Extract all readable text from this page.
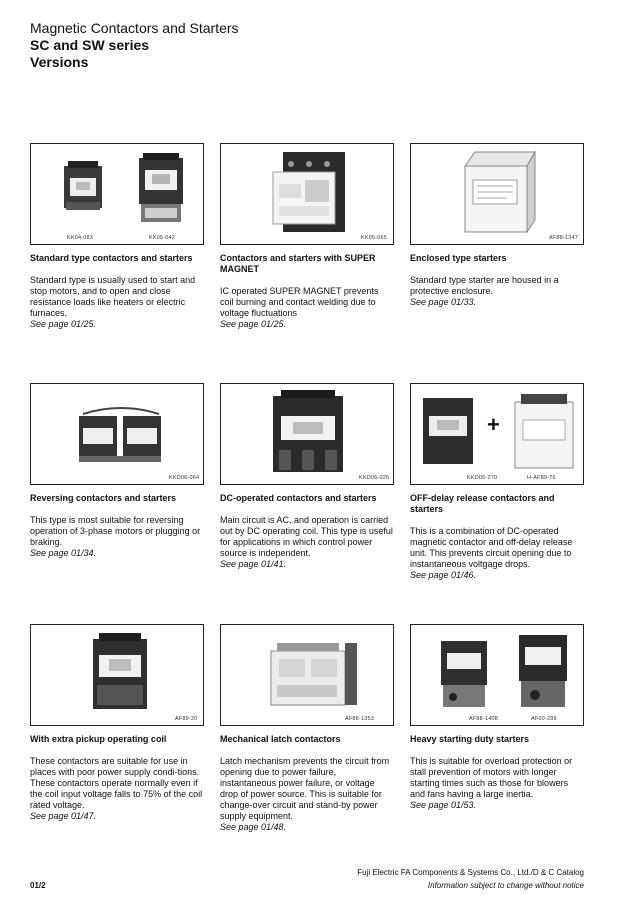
Magnetic Contactors and Starters
SC and SW series
Versions
KK04-083	KK05-042
Standard type contactors and starters
Standard type is usually used to start and stop motors, and to open and close resistance loads like heaters or electric furnaces.
See page 01/25.
KK05-065
Contactors and starters with SUPER MAGNET
IC operated SUPER MAGNET prevents coil burning and contact welding due to voltage fluctuations
See page 01/25.
AF88-1347
Enclosed type starters
Standard type starter are housed in a protective enclosure.
See page 01/33.
KKD06-064
Reversing contactors and starters
This type is most suitable for reversing operation of 3-phase motors or plugging or braking.
See page 01/34.
KKD06-026
DC-operated contactors and starters
Main circuit is AC, and operation is carried out by DC operating coil. This type is useful for applications in which control power source is independent.
See page 01/41.
+
KKD05-270	H-AF89-76
OFF-delay release contactors and starters
This is a combination of DC-operated magnetic contactor and off-delay release unit. This prevents circuit opening due to instantaneous voltgage drops.
See page 01/46.
AF89-20
With extra pickup operating coil
These contactors are suitable for use in places with poor power supply condi-tions. These contactors operate normally even if the coil input voltage falls to 75% of the coil rated voltage.
See page 01/47.
AF88-1353
Mechanical latch contactors
Latch mechanism prevents the circuit from opening due to power failure, instantaneous power failure, or voltage drop of power source. This is suitable for change-over circuit and stand-by power supply equipment.
See page 01/48.
AF88-1408	AF00-299
Heavy starting duty starters
This is suitable for overload protection or stall prevention of motors with longer starting times such as those for blowers and fans having a large inertia.
See page 01/53.
Fuji Electric FA Components & Systems Co., Ltd./D & C Catalog
Information subject to change without notice
01/2
